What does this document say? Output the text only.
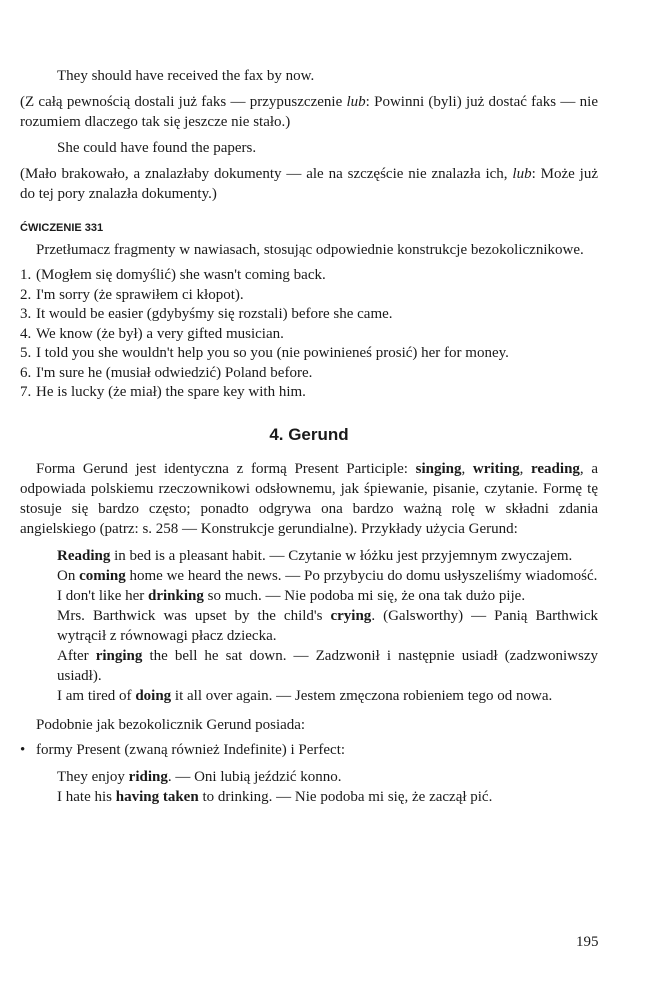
They should have received the fax by now.

(Z całą pewnością dostali już faks — przypuszczenie lub: Powinni (byli) już dostać faks — nie rozumiem dlaczego tak się jeszcze nie stało.)

She could have found the papers.

(Mało brakowało, a znalazłaby dokumenty — ale na szczęście nie znalazła ich, lub: Może już do tej pory znalazła dokumenty.)

ĆWICZENIE 331

Przetłumacz fragmenty w nawiasach, stosując odpowiednie konstrukcje bezokolicznikowe.

1. (Mogłem się domyślić) she wasn't coming back.
2. I'm sorry (że sprawiłem ci kłopot).
3. It would be easier (gdybyśmy się rozstali) before she came.
4. We know (że był) a very gifted musician.
5. I told you she wouldn't help you so you (nie powinieneś prosić) her for money.
6. I'm sure he (musiał odwiedzić) Poland before.
7. He is lucky (że miał) the spare key with him.
4. Gerund

Forma Gerund jest identyczna z formą Present Participle: singing, writing, reading, a odpowiada polskiemu rzeczownikowi odsłownemu, jak śpiewanie, pisanie, czytanie. Formę tę stosuje się bardzo często; ponadto odgrywa ona bardzo ważną rolę w składni zdania angielskiego (patrz: s. 258 — Konstrukcje gerundialne). Przykłady użycia Gerund:

Reading in bed is a pleasant habit. — Czytanie w łóżku jest przyjemnym zwyczajem.

On coming home we heard the news. — Po przybyciu do domu usłyszeliśmy wiadomość.

I don't like her drinking so much. — Nie podoba mi się, że ona tak dużo pije.

Mrs. Barthwick was upset by the child's crying. (Galsworthy) — Panią Barthwick wytrącił z równowagi płacz dziecka.

After ringing the bell he sat down. — Zadzwonił i następnie usiadł (zadzwoniwszy usiadł).

I am tired of doing it all over again. — Jestem zmęczona robieniem tego od nowa.

Podobnie jak bezokolicznik Gerund posiada:

• formy Present (zwaną również Indefinite) i Perfect:

They enjoy riding. — Oni lubią jeździć konno.

I hate his having taken to drinking. — Nie podoba mi się, że zaczął pić.

195
